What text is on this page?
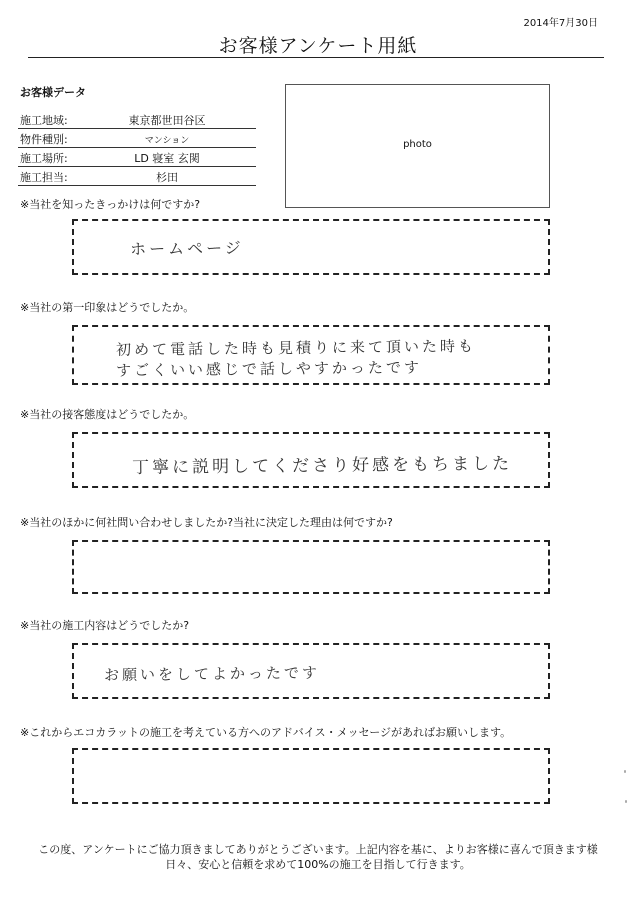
2014年7月30日
お客様アンケート用紙
お客様データ
施工地域:	東京都世田谷区
物件種別:	マンション
施工場所:	LD 寝室 玄関
施工担当:	杉田
photo
※当社を知ったきっかけは何ですか?
ホームページ
※当社の第一印象はどうでしたか。
初めて電話した時も見積りに来て頂いた時も
すごくいい感じで話しやすかったです
※当社の接客態度はどうでしたか。
丁寧に説明してくださり好感をもちました
※当社のほかに何社問い合わせしましたか?当社に決定した理由は何ですか?
※当社の施工内容はどうでしたか?
お願いをしてよかったです
※これからエコカラットの施工を考えている方へのアドバイス・メッセージがあればお願いします。
この度、アンケートにご協力頂きましてありがとうございます。上記内容を基に、よりお客様に喜んで頂きます様
日々、安心と信頼を求めて100%の施工を目指して行きます。
